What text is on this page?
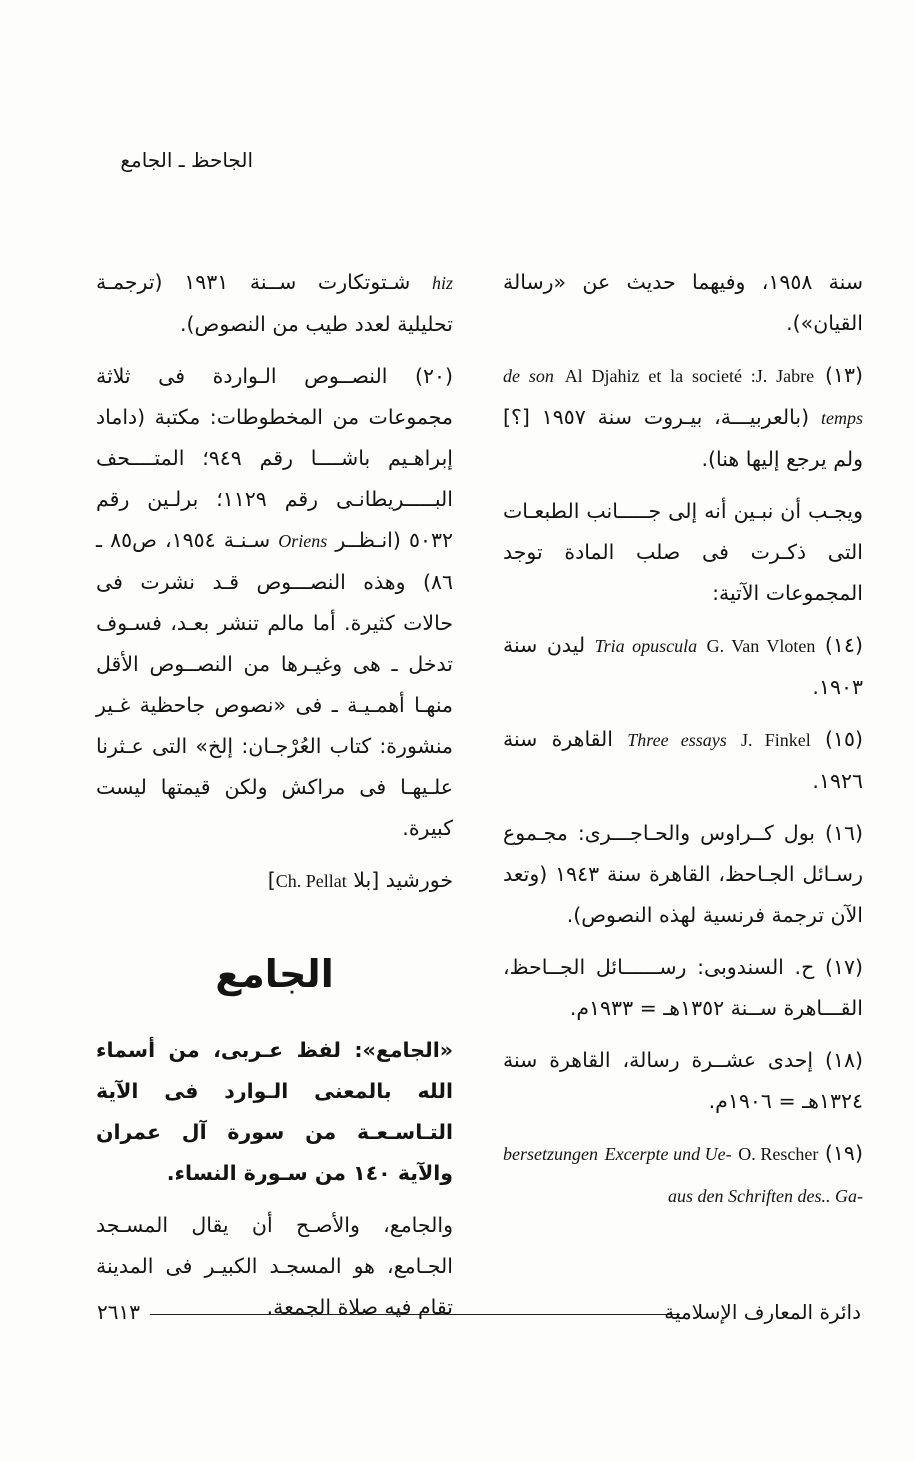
الجاحظ ـ الجامع

سنة ١٩٥٨، وفيهما حديث عن «رسالة القيان»).

(١٣) Al Djahiz et la societé :J. Jabre de son temps (بالعربيـــة، بيـروت سنة ١٩٥٧ [؟] ولم يرجع إليها هنا).

ويجـب أن نبـين أنه إلى جـــــانب الطبعـات التى ذكـرت فى صلب المادة توجد المجموعات الآتية:

(١٤) G. Van Vloten Tria opuscula ليدن سنة ١٩٠٣.

(١٥) J. Finkel Three essays القاهرة سنة ١٩٢٦.

(١٦) بول كــراوس والحـاجـــرى: مجـموع رسـائل الجـاحظ، القاهرة سنة ١٩٤٣ (وتعد الآن ترجمة فرنسية لهذه النصوص).

(١٧) ح. السندوبى: رســــــائل الجــاحظ، القـــاهرة ســنة ١٣٥٢هـ = ١٩٣٣م.

(١٨) إحدى عشــرة رسالة، القاهرة سنة ١٣٢٤هـ = ١٩٠٦م.

(١٩) O. Rescher Excerpte und Ue- bersetzungen aus den Schriften des.. Ga-

hiz شـتوتكارت ســنة ١٩٣١ (ترجمـة تحليلية لعدد طيب من النصوص).

(٢٠) النصــوص الـواردة فى ثلاثة مجموعات من المخطوطات: مكتبة (داماد إبراهـيم باشــــا رقم ٩٤٩؛ المتــــحف البـــــريطانـى رقم ١١٢٩؛ برلـين رقم ٥٠٣٢ (انـظــر Oriens سـنـة ١٩٥٤، ص٨٥ ـ ٨٦) وهذه النصـــوص قـد نشرت فى حالات كثيرة. أما مالم تنشر بعـد، فسـوف تدخل ـ هى وغيـرها من النصــوص الأقل منهـا أهمـيـة ـ فى «نصوص جاحظية غـير منشورة: كتاب العُرْجـان: إلخ» التى عـثرنا علـيهـا فى مراكش ولكن قيمتها ليست كبيرة.

خورشيد [بلا Ch. Pellat]

الجامع

«الجامع»: لفظ عـربى، من أسماء الله بالمعنى الـوارد فى الآية التـاسـعـة من سورة آل عمران والآية ١٤٠ من سـورة النساء.

والجامع، والأصـح أن يقال المسـجد الجـامع، هو المسجـد الكبيـر فى المدينة تقام فيه صلاة الجمعة.	دائرة المعارف الإسلامية
٢٦١٣
